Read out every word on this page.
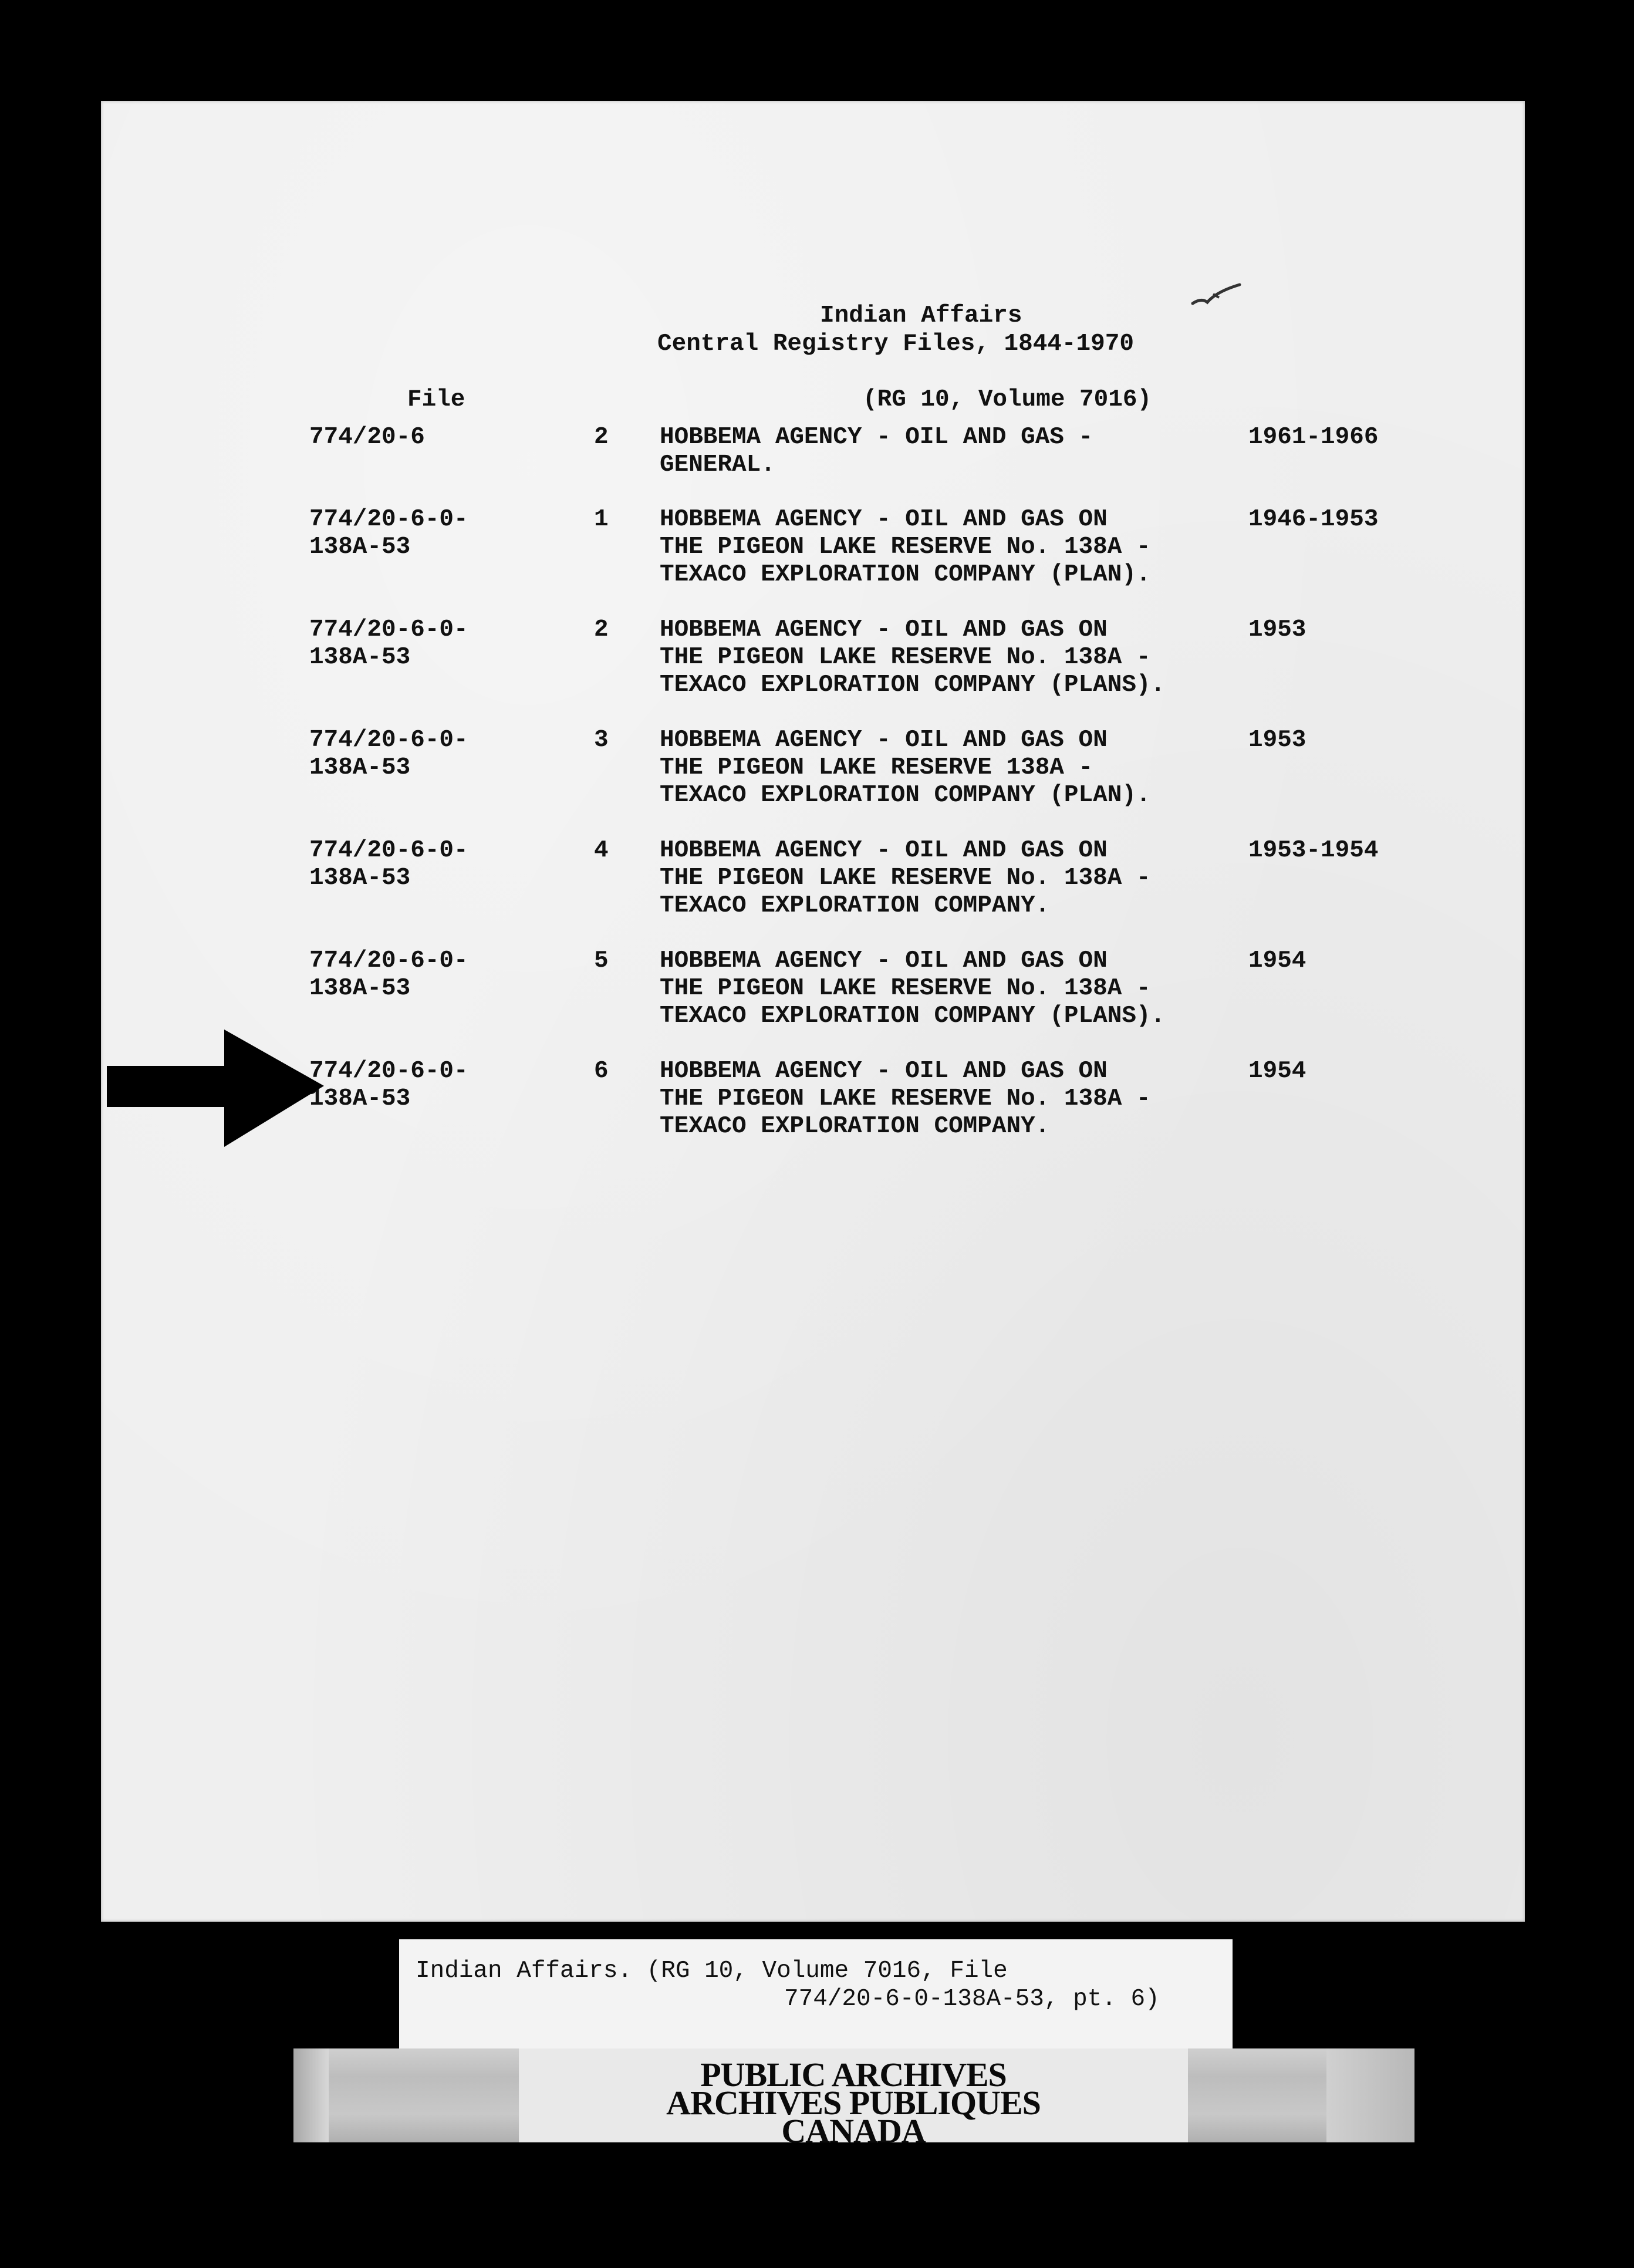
Indian Affairs
Central Registry Files, 1844-1970
File	(RG 10, Volume 7016)
774/20-6	2 HOBBEMA AGENCY - OIL AND GAS -
GENERAL.
1961-1966
774/20-6-0-
138A-53
1 HOBBEMA AGENCY - OIL AND GAS ON
THE PIGEON LAKE RESERVE No. 138A -
TEXACO EXPLORATION COMPANY (PLAN).
1946-1953
774/20-6-0-
138A-53
2 HOBBEMA AGENCY - OIL AND GAS ON
THE PIGEON LAKE RESERVE No. 138A -
TEXACO EXPLORATION COMPANY (PLANS).
1953
774/20-6-0-
138A-53
3 HOBBEMA AGENCY - OIL AND GAS ON
THE PIGEON LAKE RESERVE 138A -
TEXACO EXPLORATION COMPANY (PLAN).
1953
774/20-6-0-
138A-53
4 HOBBEMA AGENCY - OIL AND GAS ON
THE PIGEON LAKE RESERVE No. 138A -
TEXACO EXPLORATION COMPANY.
1953-1954
774/20-6-0-
138A-53
5 HOBBEMA AGENCY - OIL AND GAS ON
THE PIGEON LAKE RESERVE No. 138A -
TEXACO EXPLORATION COMPANY (PLANS).
1954
774/20-6-0-
138A-53
6 HOBBEMA AGENCY - OIL AND GAS ON
THE PIGEON LAKE RESERVE No. 138A -
TEXACO EXPLORATION COMPANY.
1954
Indian Affairs. (RG 10, Volume 7016, File
774/20-6-0-138A-53, pt. 6)
PUBLIC ARCHIVES
ARCHIVES PUBLIQUES
CANADA
